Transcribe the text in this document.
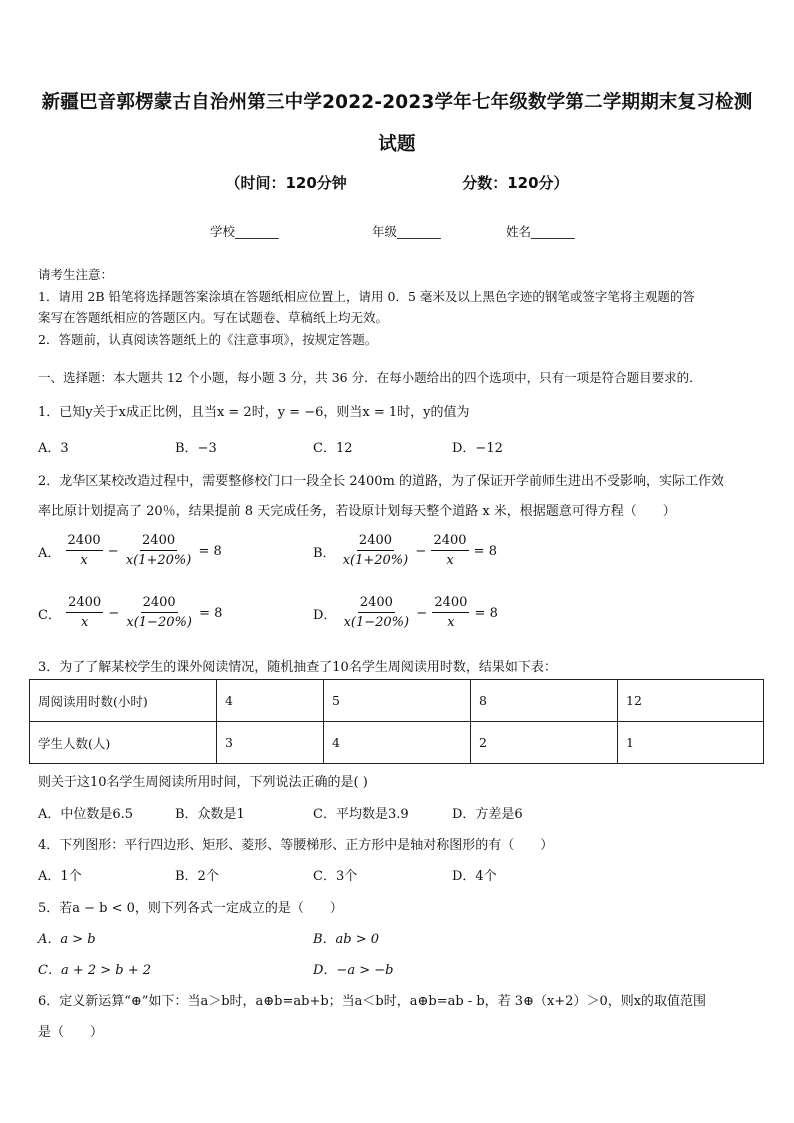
新疆巴音郭楞蒙古自治州第三中学2022-2023学年七年级数学第二学期期末复习检测
试题
（时间：120分钟	分数：120分）
学校_______	年级_______	姓名_______
请考生注意：
1．请用 2B 铅笔将选择题答案涂填在答题纸相应位置上，请用 0．5 毫米及以上黑色字迹的钢笔或签字笔将主观题的答
案写在答题纸相应的答题区内。写在试题卷、草稿纸上均无效。
2．答题前，认真阅读答题纸上的《注意事项》，按规定答题。
一、选择题：本大题共 12 个小题，每小题 3 分，共 36 分．在每小题给出的四个选项中，只有一项是符合题目要求的．
1．已知y关于x成正比例，且当x = 2时，y = −6，则当x = 1时，y的值为
A．3	B．−3	C．12	D．−12
2．龙华区某校改造过程中，需要整修校门口一段全长 2400m 的道路，为了保证开学前师生进出不受影响，实际工作效
率比原计划提高了 20％，结果提前 8 天完成任务，若设原计划每天整个道路 x 米，根据题意可得方程（　　）
A． $\frac{2400}{x} - \frac{2400}{x(1+20\%)} = 8$	B． $\frac{2400}{x(1+20\%)} - \frac{2400}{x} = 8$
C． $\frac{2400}{x} - \frac{2400}{x(1-20\%)} = 8$	D． $\frac{2400}{x(1-20\%)} - \frac{2400}{x} = 8$
3．为了了解某校学生的课外阅读情况，随机抽查了10名学生周阅读用时数，结果如下表：
周阅读用时数(小时)	4	5	8	12
学生人数(人)	3	4	2	1
则关于这10名学生周阅读所用时间，下列说法正确的是( )
A．中位数是6.5	B．众数是1	C．平均数是3.9	D．方差是6
4．下列图形：平行四边形、矩形、菱形、等腰梯形、正方形中是轴对称图形的有（　　）
A．1个	B．2个	C．3个	D．4个
5．若a − b < 0，则下列各式一定成立的是（　　）
A．a > b	B．ab > 0
C．a + 2 > b + 2	D．−a > −b
6．定义新运算“⊕”如下：当a＞b时，a⊕b=ab+b；当a＜b时，a⊕b=ab - b，若 3⊕（x+2）＞0，则x的取值范围
是（　　）
